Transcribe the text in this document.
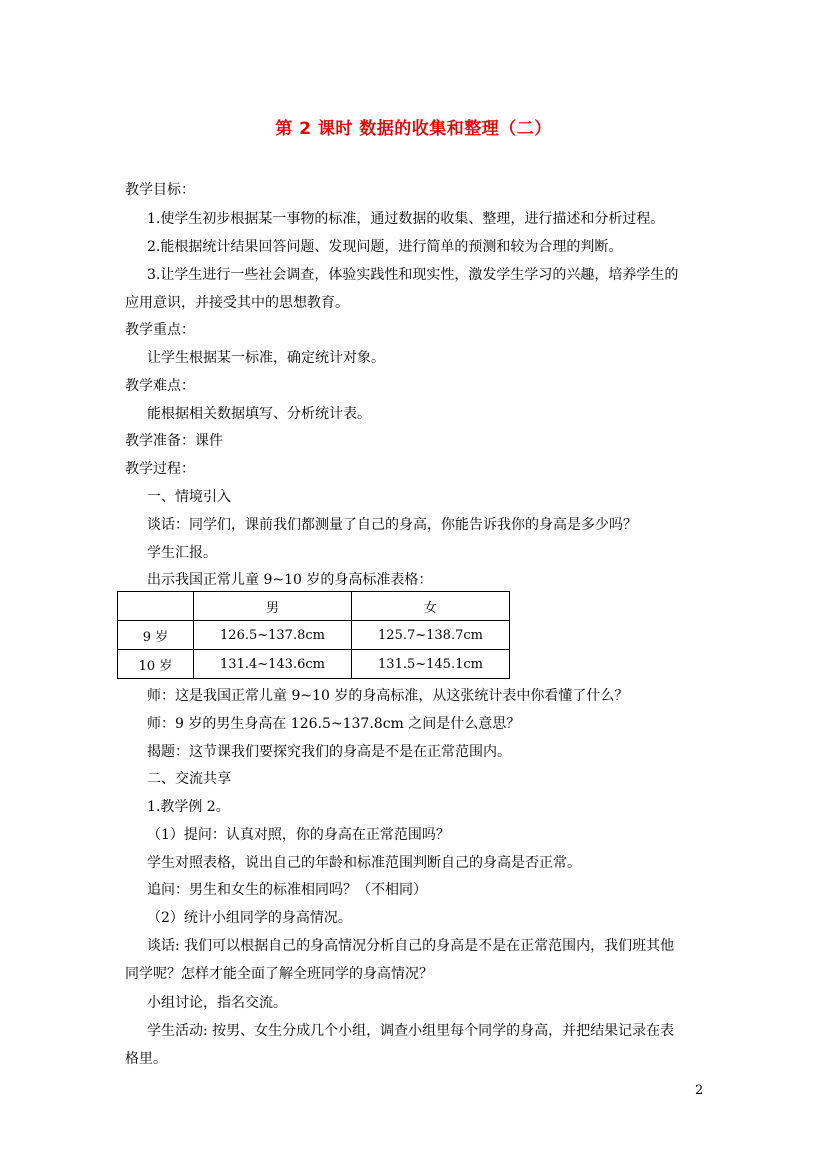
第 2 课时 数据的收集和整理（二）
教学目标：
1.使学生初步根据某一事物的标准，通过数据的收集、整理，进行描述和分析过程。
2.能根据统计结果回答问题、发现问题，进行简单的预测和较为合理的判断。
3.让学生进行一些社会调查，体验实践性和现实性，激发学生学习的兴趣，培养学生的
应用意识，并接受其中的思想教育。
教学重点：
让学生根据某一标准，确定统计对象。
教学难点：
能根据相关数据填写、分析统计表。
教学准备：课件
教学过程：
一、情境引入
谈话：同学们，课前我们都测量了自己的身高，你能告诉我你的身高是多少吗？
学生汇报。
出示我国正常儿童 9~10 岁的身高标准表格：
	男	女
9 岁	126.5~137.8cm	125.7~138.7cm
10 岁	131.4~143.6cm	131.5~145.1cm
师：这是我国正常儿童 9~10 岁的身高标准，从这张统计表中你看懂了什么？
师：9 岁的男生身高在 126.5~137.8cm 之间是什么意思？
揭题：这节课我们要探究我们的身高是不是在正常范围内。
二、交流共享
1.教学例 2。
（1）提问：认真对照，你的身高在正常范围吗？
学生对照表格，说出自己的年龄和标准范围判断自己的身高是否正常。
追问：男生和女生的标准相同吗？（不相同）
（2）统计小组同学的身高情况。
谈话: 我们可以根据自己的身高情况分析自己的身高是不是在正常范围内，我们班其他
同学呢？怎样才能全面了解全班同学的身高情况？
小组讨论，指名交流。
学生活动: 按男、女生分成几个小组，调查小组里每个同学的身高，并把结果记录在表
格里。
2
